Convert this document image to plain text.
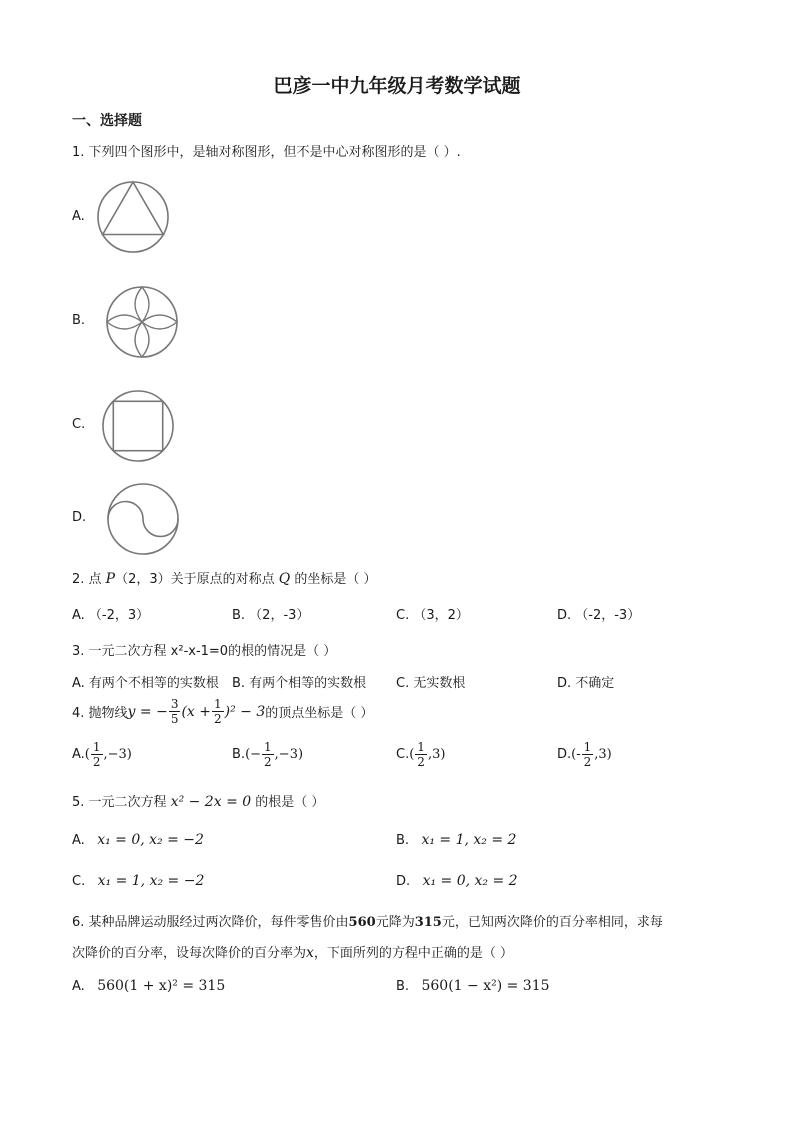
巴彦一中九年级月考数学试题
一、选择题
1. 下列四个图形中，是轴对称图形，但不是中心对称图形的是（ ）.
A.
B.
C.
D.
2. 点 P（2，3）关于原点的对称点 Q 的坐标是（ ）
A. （-2，3）	B. （2，-3）	C. （3，2）	D. （-2，-3）
3. 一元二次方程 x²-x-1=0的根的情况是（ ）
A. 有两个不相等的实数根 B. 有两个相等的实数根 C. 无实数根	D. 不确定
4. 抛物线 y = − $\frac{3}{5} (x + \frac{1}{2} )^2 - 3$ 的顶点坐标是（ ）
A. ( $\frac{1}{2} ,-3$)	B. (− $\frac{1}{2} ,-3$)	C. ( $\frac{1}{2} ,3$)	D. (- $\frac{1}{2} ,3$)
5. 一元二次方程 x² − 2x = 0 的根是（ ）
A. x₁ = 0, x₂ = −2	B. x₁ = 1, x₂ = 2
C. x₁ = 1, x₂ = −2	D. x₁ = 0, x₂ = 2
6. 某种品牌运动服经过两次降价，每件零售价由560元降为315元，已知两次降价的百分率相同，求每
次降价的百分率，设每次降价的百分率为x，下面所列的方程中正确的是（ ）
A. 560(1 + x)² = 315	B. 560(1 − x²) = 315
